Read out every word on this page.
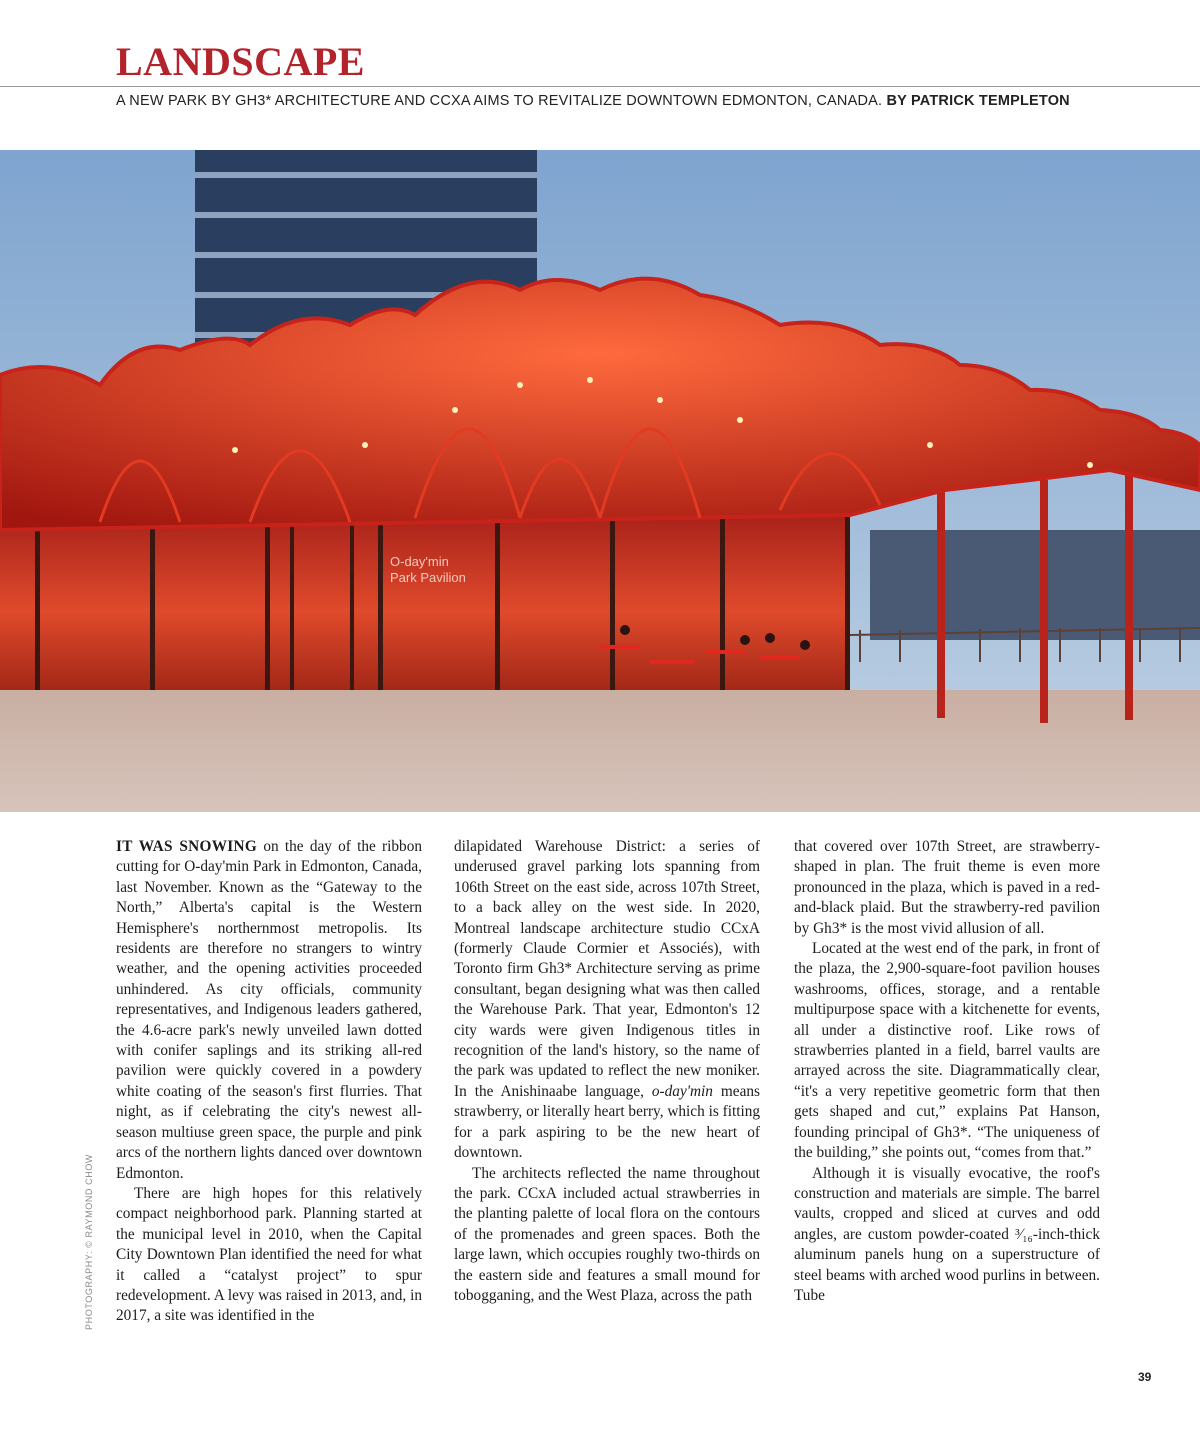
LANDSCAPE
A NEW PARK BY GH3* ARCHITECTURE AND CCXA AIMS TO REVITALIZE DOWNTOWN EDMONTON, CANADA. BY PATRICK TEMPLETON
O-day'min
Park Pavilion
PHOTOGRAPHY: © RAYMOND CHOW

IT WAS SNOWING on the day of the ribbon cutting for O-day'min Park in Edmonton, Canada, last November. Known as the “Gateway to the North,” Alberta's capital is the Western Hemisphere's northernmost metropolis. Its residents are therefore no strangers to wintry weather, and the opening activities proceeded unhindered. As city officials, community representatives, and Indigenous leaders gathered, the 4.6-acre park's newly unveiled lawn dotted with conifer saplings and its striking all-red pavilion were quickly covered in a powdery white coating of the season's first flurries. That night, as if celebrating the city's newest all-season multiuse green space, the purple and pink arcs of the northern lights danced over downtown Edmonton.

There are high hopes for this relatively compact neighborhood park. Planning started at the municipal level in 2010, when the Capital City Downtown Plan identified the need for what it called a “catalyst project” to spur redevelopment. A levy was raised in 2013, and, in 2017, a site was identified in the

dilapidated Warehouse District: a series of underused gravel parking lots spanning from 106th Street on the east side, across 107th Street, to a back alley on the west side. In 2020, Montreal landscape architecture studio CCxA (formerly Claude Cormier et Associés), with Toronto firm Gh3* Architecture serving as prime consultant, began designing what was then called the Warehouse Park. That year, Edmonton's 12 city wards were given Indigenous titles in recognition of the land's history, so the name of the park was updated to reflect the new moniker. In the Anishinaabe language, o-day'min means strawberry, or literally heart berry, which is fitting for a park aspiring to be the new heart of downtown.

The architects reflected the name throughout the park. CCxA included actual strawberries in the planting palette of local flora on the contours of the promenades and green spaces. Both the large lawn, which occupies roughly two-thirds on the eastern side and features a small mound for tobogganing, and the West Plaza, across the path

that covered over 107th Street, are strawberry-shaped in plan. The fruit theme is even more pronounced in the plaza, which is paved in a red-and-black plaid. But the strawberry-red pavilion by Gh3* is the most vivid allusion of all.

Located at the west end of the park, in front of the plaza, the 2,900-square-foot pavilion houses washrooms, offices, storage, and a rentable multipurpose space with a kitchenette for events, all under a distinctive roof. Like rows of strawberries planted in a field, barrel vaults are arrayed across the site. Diagrammatically clear, “it's a very repetitive geometric form that then gets shaped and cut,” explains Pat Hanson, founding principal of Gh3*. “The uniqueness of the building,” she points out, “comes from that.”

Although it is visually evocative, the roof's construction and materials are simple. The barrel vaults, cropped and sliced at curves and odd angles, are custom powder-coated ³⁄₁₆-inch-thick aluminum panels hung on a superstructure of steel beams with arched wood purlins in between. Tube

39
